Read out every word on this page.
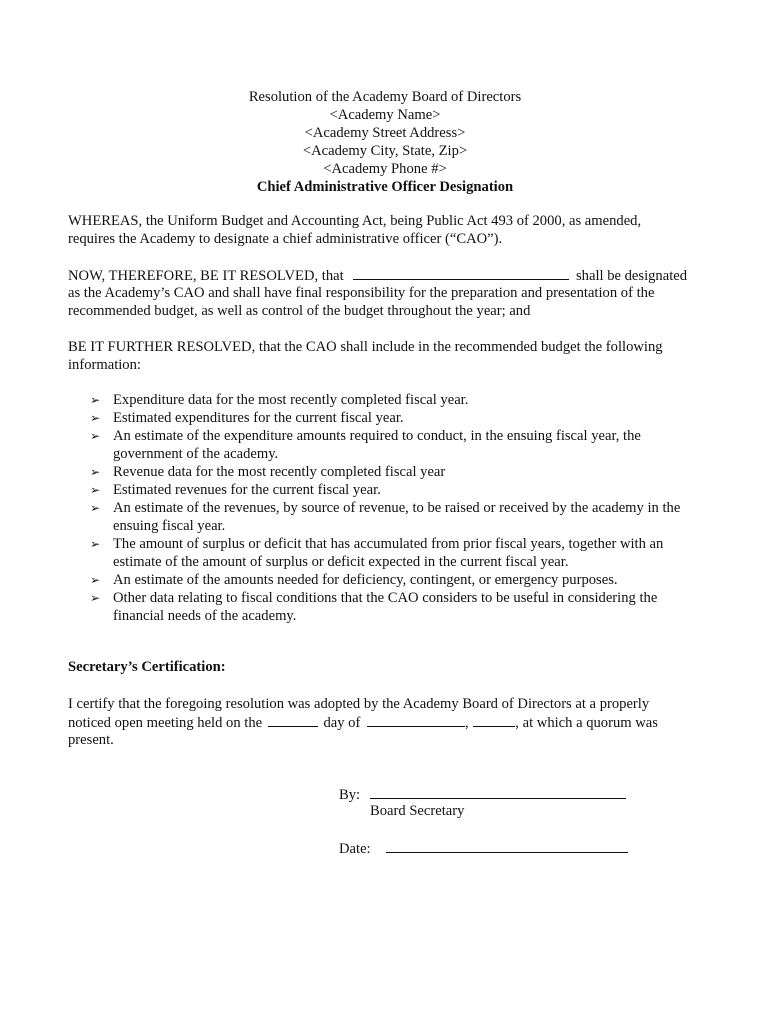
Resolution of the Academy Board of Directors
<Academy Name>
<Academy Street Address>
<Academy City, State, Zip>
<Academy Phone #>
Chief Administrative Officer Designation
WHEREAS, the Uniform Budget and Accounting Act, being Public Act 493 of 2000, as amended,
requires the Academy to designate a chief administrative officer (“CAO”).
NOW, THEREFORE, BE IT RESOLVED, that	shall be designated
as the Academy’s CAO and shall have final responsibility for the preparation and presentation of the
recommended budget, as well as control of the budget throughout the year; and
BE IT FURTHER RESOLVED, that the CAO shall include in the recommended budget the following
information:
➢ Expenditure data for the most recently completed fiscal year.
➢ Estimated expenditures for the current fiscal year.
➢ An estimate of the expenditure amounts required to conduct, in the ensuing fiscal year, the
government of the academy.
➢ Revenue data for the most recently completed fiscal year
➢ Estimated revenues for the current fiscal year.
➢ An estimate of the revenues, by source of revenue, to be raised or received by the academy in the
ensuing fiscal year.
➢ The amount of surplus or deficit that has accumulated from prior fiscal years, together with an
estimate of the amount of surplus or deficit expected in the current fiscal year.
➢ An estimate of the amounts needed for deficiency, contingent, or emergency purposes.
➢ Other data relating to fiscal conditions that the CAO considers to be useful in considering the
financial needs of the academy.
Secretary’s Certification:
I certify that the foregoing resolution was adopted by the Academy Board of Directors at a properly
noticed open meeting held on the	day of	,	, at which a quorum was
present.
By:
Board Secretary
Date:
